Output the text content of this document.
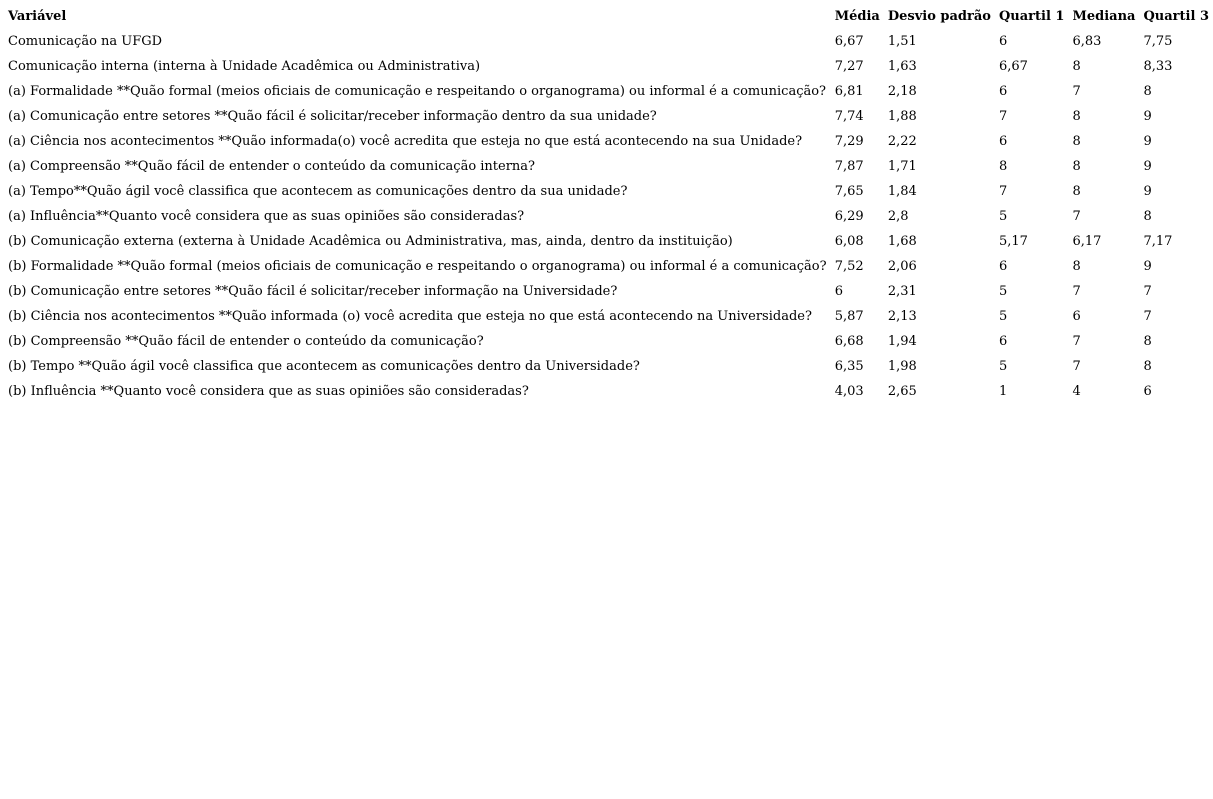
Variável	Média	Desvio padrão	Quartil 1	Mediana	Quartil 3
Comunicação na UFGD	6,67	1,51	6	6,83	7,75
Comunicação interna (interna à Unidade Acadêmica ou Administrativa)	7,27	1,63	6,67	8	8,33
(a) Formalidade **Quão formal (meios oficiais de comunicação e respeitando o organograma) ou informal é a comunicação?	6,81	2,18	6	7	8
(a) Comunicação entre setores **Quão fácil é solicitar/receber informação dentro da sua unidade?	7,74	1,88	7	8	9
(a) Ciência nos acontecimentos **Quão informada(o) você acredita que esteja no que está acontecendo na sua Unidade?	7,29	2,22	6	8	9
(a) Compreensão **Quão fácil de entender o conteúdo da comunicação interna?	7,87	1,71	8	8	9
(a) Tempo**Quão ágil você classifica que acontecem as comunicações dentro da sua unidade?	7,65	1,84	7	8	9
(a) Influência**Quanto você considera que as suas opiniões são consideradas?	6,29	2,8	5	7	8
(b) Comunicação externa (externa à Unidade Acadêmica ou Administrativa, mas, ainda, dentro da instituição)	6,08	1,68	5,17	6,17	7,17
(b) Formalidade **Quão formal (meios oficiais de comunicação e respeitando o organograma) ou informal é a comunicação?	7,52	2,06	6	8	9
(b) Comunicação entre setores **Quão fácil é solicitar/receber informação na Universidade?	6	2,31	5	7	7
(b) Ciência nos acontecimentos **Quão informada (o) você acredita que esteja no que está acontecendo na Universidade?	5,87	2,13	5	6	7
(b) Compreensão **Quão fácil de entender o conteúdo da comunicação?	6,68	1,94	6	7	8
(b) Tempo **Quão ágil você classifica que acontecem as comunicações dentro da Universidade?	6,35	1,98	5	7	8
(b) Influência **Quanto você considera que as suas opiniões são consideradas?	4,03	2,65	1	4	6
